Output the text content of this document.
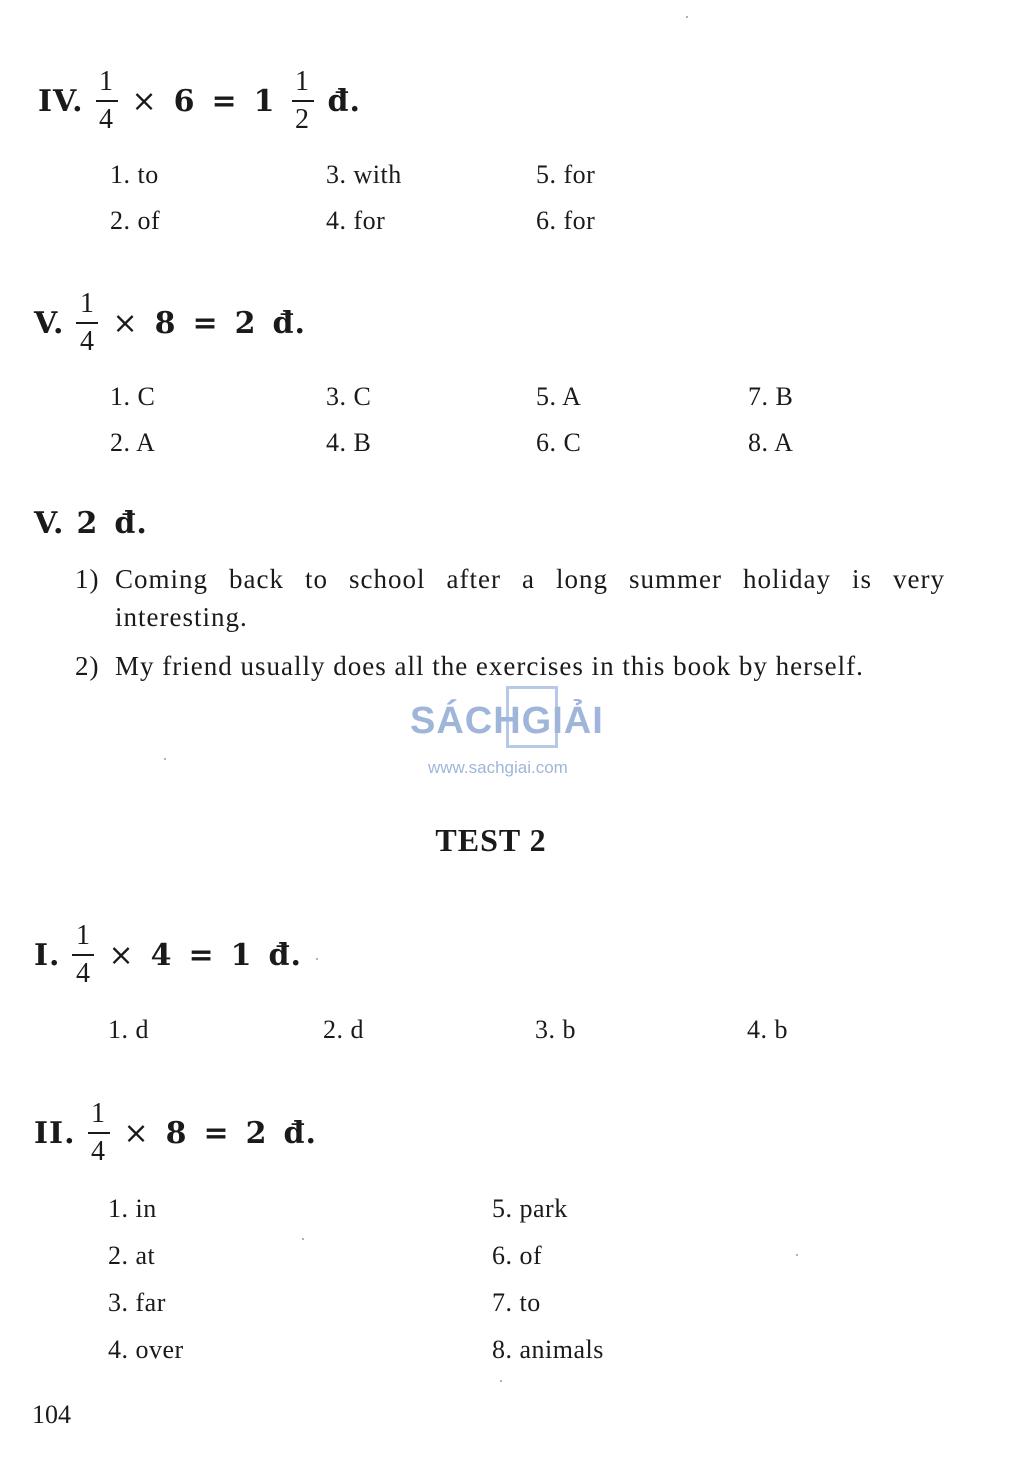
IV. $\frac{1}{4} \times 6 = 1 \frac{1}{2}$ đ.
1. to	3. with	5. for
2. of	4. for	6. for
V. $\frac{1}{4} \times 8 = 2$ đ.
1. C	3. C	5. A	7. B
2. A	4. B	6. C	8. A
V. 2 đ.
1) Coming back to school after a long summer holiday is very interesting.
2) My friend usually does all the exercises in this book by herself.
SÁCHGIẢI
www.sachgiai.com
TEST 2
I. $\frac{1}{4} \times 4 = 1$ đ.
1. d	2. d	3. b	4. b
II. $\frac{1}{4} \times 8 = 2$ đ.
1. in	5. park
2. at	6. of
3. far	7. to
4. over	8. animals
104
